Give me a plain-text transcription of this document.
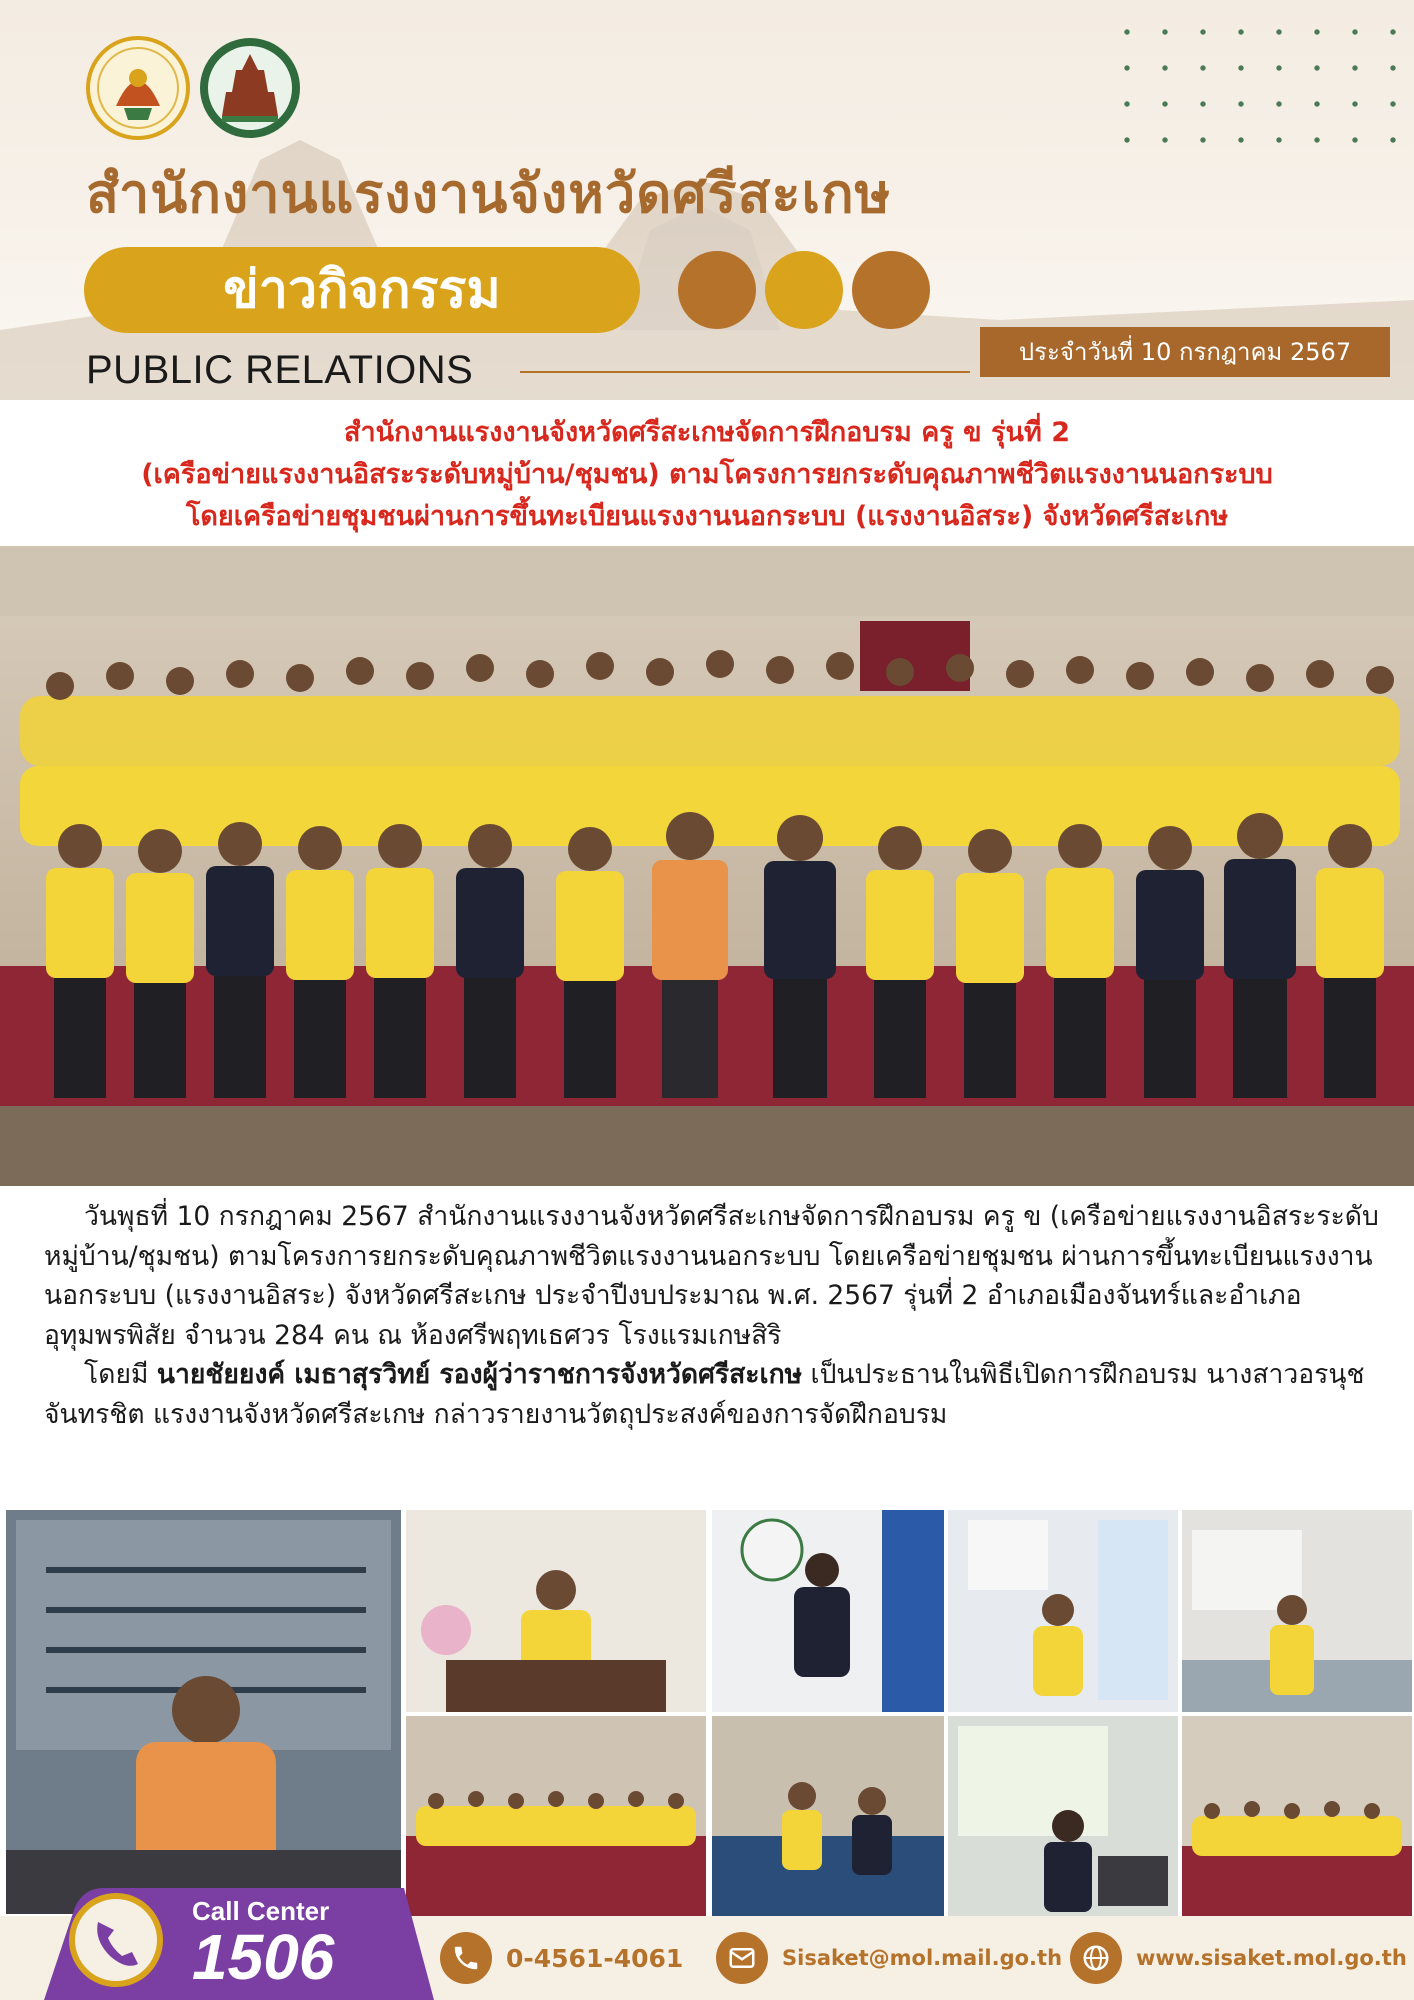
สำนักงานแรงงานจังหวัดศรีสะเกษ
ข่าวกิจกรรม
PUBLIC RELATIONS	ประจำวันที่ 10 กรกฎาคม 2567
สำนักงานแรงงานจังหวัดศรีสะเกษจัดการฝึกอบรม ครู ข รุ่นที่ 2
(เครือข่ายแรงงานอิสระระดับหมู่บ้าน/ชุมชน) ตามโครงการยกระดับคุณภาพชีวิตแรงงานนอกระบบ
โดยเครือข่ายชุมชนผ่านการขึ้นทะเบียนแรงงานนอกระบบ (แรงงานอิสระ) จังหวัดศรีสะเกษ

วันพุธที่ 10 กรกฎาคม 2567 สำนักงานแรงงานจังหวัดศรีสะเกษจัดการฝึกอบรม ครู ข (เครือข่ายแรงงานอิสระระดับหมู่บ้าน/ชุมชน) ตามโครงการยกระดับคุณภาพชีวิตแรงงานนอกระบบ โดยเครือข่ายชุมชน ผ่านการขึ้นทะเบียนแรงงานนอกระบบ (แรงงานอิสระ) จังหวัดศรีสะเกษ ประจำปีงบประมาณ พ.ศ. 2567 รุ่นที่ 2 อำเภอเมืองจันทร์และอำเภออุทุมพรพิสัย จำนวน 284 คน ณ ห้องศรีพฤทเธศวร โรงแรมเกษสิริ

โดยมี นายชัยยงค์ เมธาสุรวิทย์ รองผู้ว่าราชการจังหวัดศรีสะเกษ เป็นประธานในพิธีเปิดการฝึกอบรม นางสาวอรนุช จันทรชิต แรงงานจังหวัดศรีสะเกษ กล่าวรายงานวัตถุประสงค์ของการจัดฝึกอบรม

Call Center
1506	0-4561-4061	Sisaket@mol.mail.go.th	www.sisaket.mol.go.th
